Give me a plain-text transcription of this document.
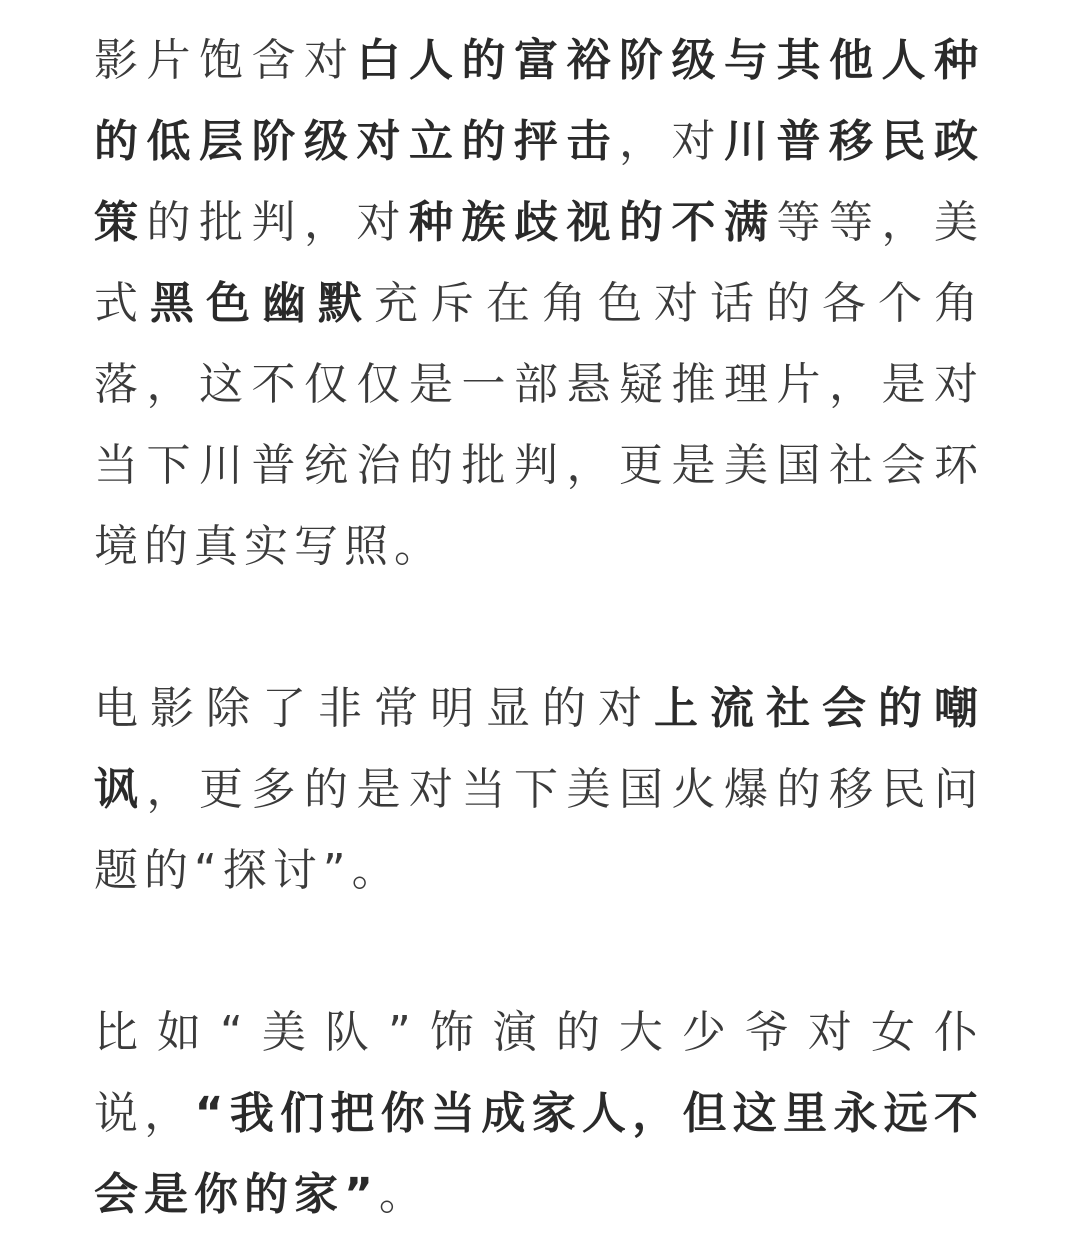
影片饱含对白人的富裕阶级与其他人种的低层阶级对立的抨击，对川普移民政策的批判，对种族歧视的不满等等，美式黑色幽默充斥在角色对话的各个角落，这不仅仅是一部悬疑推理片，是对当下川普统治的批判，更是美国社会环境的真实写照。

电影除了非常明显的对上流社会的嘲讽，更多的是对当下美国火爆的移民问题的“探讨”。

比如“美队”饰演的大少爷对女仆说，“我们把你当成家人，但这里永远不会是你的家”。
